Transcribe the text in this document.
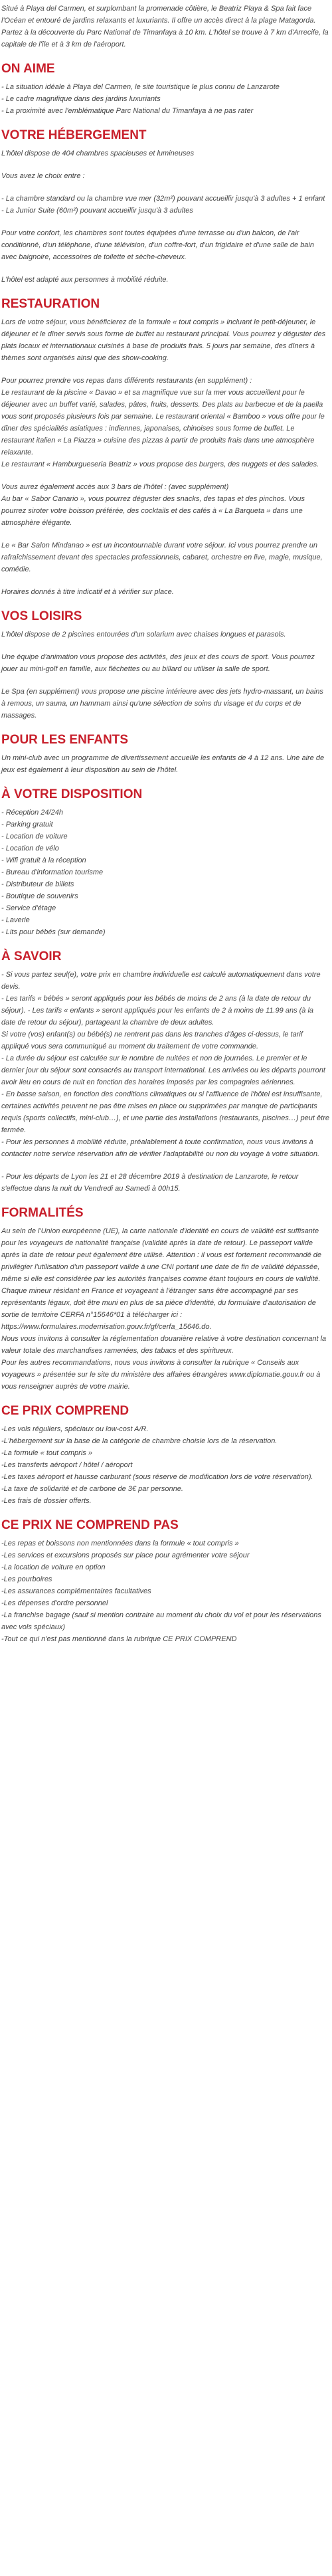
Situé à Playa del Carmen, et surplombant la promenade côtière, le Beatriz Playa & Spa fait face l'Océan et entouré de jardins relaxants et luxuriants. Il offre un accès direct à la plage Matagorda. Partez à la découverte du Parc National de Timanfaya à 10 km. L'hôtel se trouve à 7 km d'Arrecife, la capitale de l'île et à 3 km de l'aéroport.

ON AIME

- La situation idéale à Playa del Carmen, le site touristique le plus connu de Lanzarote
- Le cadre magnifique dans des jardins luxuriants
- La proximité avec l'emblématique Parc National du Timanfaya à ne pas rater

VOTRE HÉBERGEMENT

L'hôtel dispose de 404 chambres spacieuses et lumineuses

Vous avez le choix entre :

- La chambre standard ou la chambre vue mer (32m²) pouvant accueillir jusqu'à 3 adultes + 1 enfant
- La Junior Suite (60m²) pouvant accueillir jusqu'à 3 adultes

Pour votre confort, les chambres sont toutes équipées d'une terrasse ou d'un balcon, de l'air conditionné, d'un téléphone, d'une télévision, d'un coffre-fort, d'un frigidaire et d'une salle de bain avec baignoire, accessoires de toilette et sèche-cheveux.

L'hôtel est adapté aux personnes à mobilité réduite.

RESTAURATION

Lors de votre séjour, vous bénéficierez de la formule « tout compris » incluant le petit-déjeuner, le déjeuner et le dîner servis sous forme de buffet au restaurant principal. Vous pourrez y déguster des plats locaux et internationaux cuisinés à base de produits frais. 5 jours par semaine, des dîners à thèmes sont organisés ainsi que des show-cooking.

Pour pourrez prendre vos repas dans différents restaurants (en supplément) :
Le restaurant de la piscine « Davao » et sa magnifique vue sur la mer vous accueillent pour le déjeuner avec un buffet varié, salades, pâtes, fruits, desserts. Des plats au barbecue et de la paella vous sont proposés plusieurs fois par semaine. Le restaurant oriental « Bamboo » vous offre pour le dîner des spécialités asiatiques : indiennes, japonaises, chinoises sous forme de buffet. Le restaurant italien « La Piazza » cuisine des pizzas à partir de produits frais dans une atmosphère relaxante.
Le restaurant « Hamburgueseria Beatriz » vous propose des burgers, des nuggets et des salades.

Vous aurez également accès aux 3 bars de l'hôtel : (avec supplément)
Au bar « Sabor Canario », vous pourrez déguster des snacks, des tapas et des pinchos. Vous pourrez siroter votre boisson préférée, des cocktails et des cafés à « La Barqueta » dans une atmosphère élégante.

Le « Bar Salon Mindanao » est un incontournable durant votre séjour. Ici vous pourrez prendre un rafraîchissement devant des spectacles professionnels, cabaret, orchestre en live, magie, musique, comédie.

Horaires donnés à titre indicatif et à vérifier sur place.

VOS LOISIRS

L'hôtel dispose de 2 piscines entourées d'un solarium avec chaises longues et parasols.

Une équipe d'animation vous propose des activités, des jeux et des cours de sport. Vous pourrez jouer au mini-golf en famille, aux fléchettes ou au billard ou utiliser la salle de sport.

Le Spa (en supplément) vous propose une piscine intérieure avec des jets hydro-massant, un bains à remous, un sauna, un hammam ainsi qu'une sélection de soins du visage et du corps et de massages.

POUR LES ENFANTS

Un mini-club avec un programme de divertissement accueille les enfants de 4 à 12 ans. Une aire de jeux est également à leur disposition au sein de l'hôtel.

À VOTRE DISPOSITION

- Réception 24/24h
- Parking gratuit
- Location de voiture
- Location de vélo
- Wifi gratuit à la réception
- Bureau d'information tourisme
- Distributeur de billets
- Boutique de souvenirs
- Service d'étage
- Laverie
- Lits pour bébés (sur demande)

À SAVOIR

- Si vous partez seul(e), votre prix en chambre individuelle est calculé automatiquement dans votre devis.
- Les tarifs « bébés » seront appliqués pour les bébés de moins de 2 ans (à la date de retour du séjour). - Les tarifs « enfants » seront appliqués pour les enfants de 2 à moins de 11.99 ans (à la date de retour du séjour), partageant la chambre de deux adultes.
Si votre (vos) enfant(s) ou bébé(s) ne rentrent pas dans les tranches d'âges ci-dessus, le tarif appliqué vous sera communiqué au moment du traitement de votre commande.
- La durée du séjour est calculée sur le nombre de nuitées et non de journées. Le premier et le dernier jour du séjour sont consacrés au transport international. Les arrivées ou les départs pourront avoir lieu en cours de nuit en fonction des horaires imposés par les compagnies aériennes.
- En basse saison, en fonction des conditions climatiques ou si l'affluence de l'hôtel est insuffisante, certaines activités peuvent ne pas être mises en place ou supprimées par manque de participants requis (sports collectifs, mini-club…), et une partie des installations (restaurants, piscines…) peut être fermée.
- Pour les personnes à mobilité réduite, préalablement à toute confirmation, nous vous invitons à contacter notre service réservation afin de vérifier l'adaptabilité ou non du voyage à votre situation.

- Pour les départs de Lyon les 21 et 28 décembre 2019 à destination de Lanzarote, le retour s'effectue dans la nuit du Vendredi au Samedi à 00h15.

FORMALITÉS

Au sein de l'Union européenne (UE), la carte nationale d'identité en cours de validité est suffisante pour les voyageurs de nationalité française (validité après la date de retour). Le passeport valide après la date de retour peut également être utilisé. Attention : il vous est fortement recommandé de privilégier l'utilisation d'un passeport valide à une CNI portant une date de fin de validité dépassée, même si elle est considérée par les autorités françaises comme étant toujours en cours de validité.
Chaque mineur résidant en France et voyageant à l'étranger sans être accompagné par ses représentants légaux, doit être muni en plus de sa pièce d'identité, du formulaire d'autorisation de sortie de territoire CERFA n°15646*01 à télécharger ici : https://www.formulaires.modernisation.gouv.fr/gf/cerfa_15646.do.
Nous vous invitons à consulter la réglementation douanière relative à votre destination concernant la valeur totale des marchandises ramenées, des tabacs et des spiritueux.
Pour les autres recommandations, nous vous invitons à consulter la rubrique « Conseils aux voyageurs » présentée sur le site du ministère des affaires étrangères www.diplomatie.gouv.fr ou à vous renseigner auprès de votre mairie.

CE PRIX COMPREND

-Les vols réguliers, spéciaux ou low-cost A/R.
-L'hébergement sur la base de la catégorie de chambre choisie lors de la réservation.
-La formule « tout compris »
-Les transferts aéroport / hôtel / aéroport
-Les taxes aéroport et hausse carburant (sous réserve de modification lors de votre réservation).
-La taxe de solidarité et de carbone de 3€ par personne.
-Les frais de dossier offerts.

CE PRIX NE COMPREND PAS

-Les repas et boissons non mentionnées dans la formule « tout compris »
-Les services et excursions proposés sur place pour agrémenter votre séjour
-La location de voiture en option
-Les pourboires
-Les assurances complémentaires facultatives
-Les dépenses d'ordre personnel
-La franchise bagage (sauf si mention contraire au moment du choix du vol et pour les réservations avec vols spéciaux)
-Tout ce qui n'est pas mentionné dans la rubrique CE PRIX COMPREND
